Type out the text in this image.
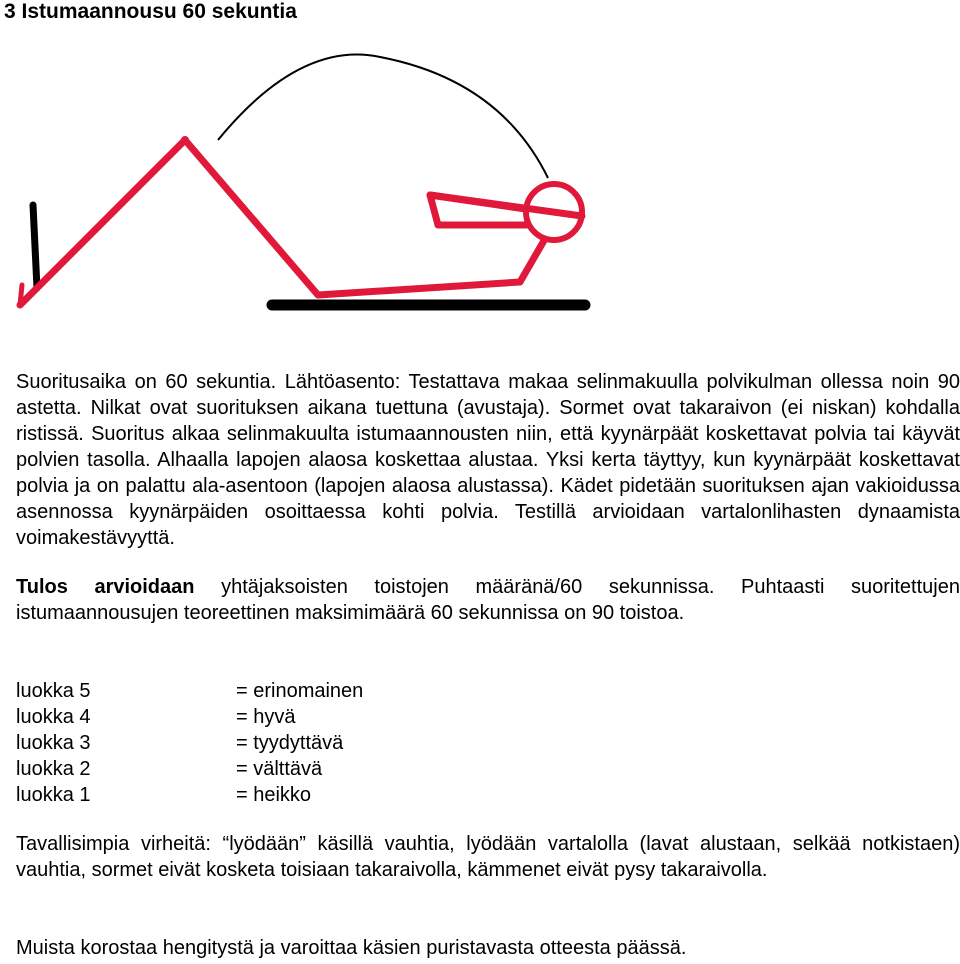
3 Istumaannousu 60 sekuntia
Suoritusaika on 60 sekuntia. Lähtöasento: Testattava makaa selinmakuulla polvikulman ollessa noin 90 astetta. Nilkat ovat suorituksen aikana tuettuna (avustaja). Sormet ovat takaraivon (ei niskan) kohdalla ristissä. Suoritus alkaa selinmakuulta istumaannousten niin, että kyynärpäät koskettavat polvia tai käyvät polvien tasolla. Alhaalla lapojen alaosa koskettaa alustaa. Yksi kerta täyttyy, kun kyynärpäät koskettavat polvia ja on palattu ala-asentoon (lapojen alaosa alustassa). Kädet pidetään suorituksen ajan vakioidussa asennossa kyynärpäiden osoittaessa kohti polvia. Testillä arvioidaan vartalonlihasten dynaamista voimakestävyyttä.
Tulos arvioidaan yhtäjaksoisten toistojen määränä/60 sekunnissa. Puhtaasti suoritettujen istumaannousujen teoreettinen maksimimäärä 60 sekunnissa on 90 toistoa.
luokka 5	= erinomainen
luokka 4	= hyvä
luokka 3	= tyydyttävä
luokka 2	= välttävä
luokka 1	= heikko
Tavallisimpia virheitä: “lyödään” käsillä vauhtia, lyödään vartalolla (lavat alustaan, selkää notkistaen) vauhtia, sormet eivät kosketa toisiaan takaraivolla, kämmenet eivät pysy takaraivolla.
Muista korostaa hengitystä ja varoittaa käsien puristavasta otteesta päässä.
